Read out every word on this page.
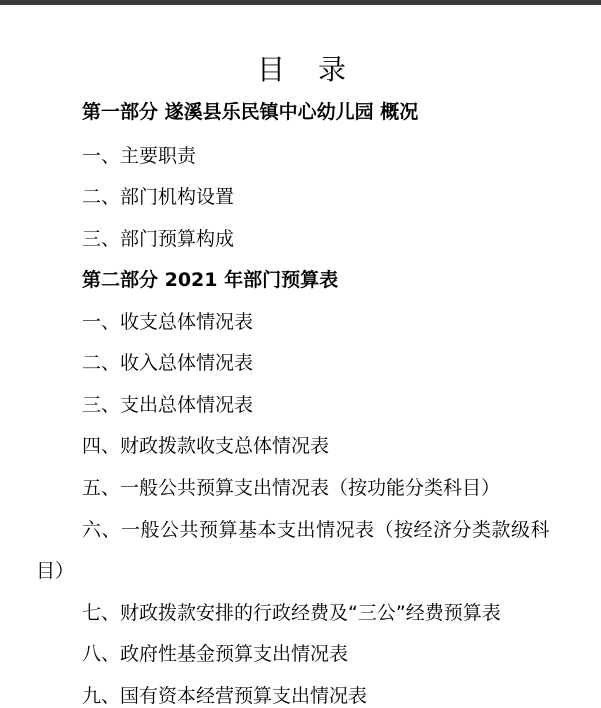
目 录
第一部分 遂溪县乐民镇中心幼儿园 概况
一、主要职责
二、部门机构设置
三、部门预算构成
第二部分 2021 年部门预算表
一、收支总体情况表
二、收入总体情况表
三、支出总体情况表
四、财政拨款收支总体情况表
五、一般公共预算支出情况表（按功能分类科目）
六、一般公共预算基本支出情况表（按经济分类款级科
目）
七、财政拨款安排的行政经费及“三公”经费预算表
八、政府性基金预算支出情况表
九、国有资本经营预算支出情况表
